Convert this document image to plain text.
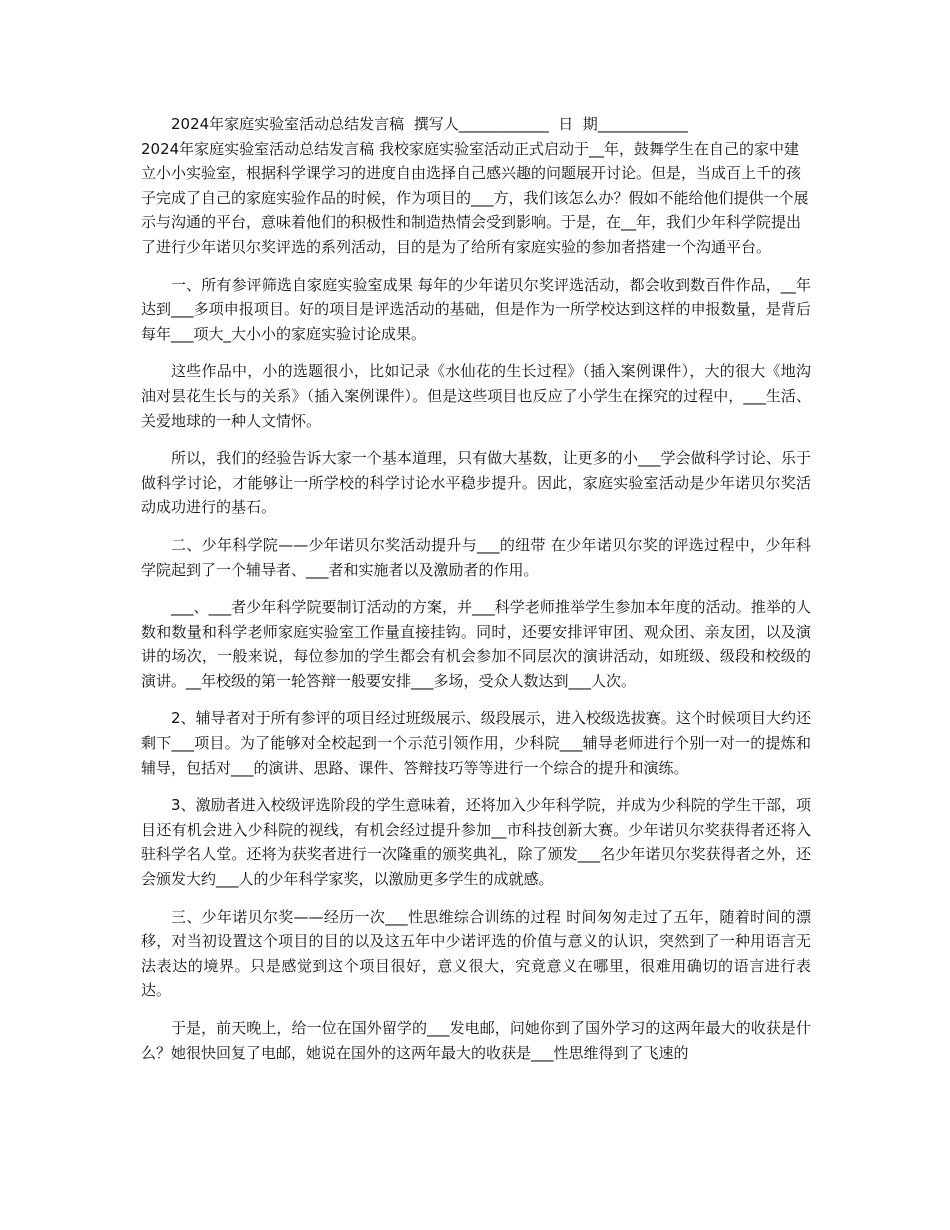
2024年家庭实验室活动总结发言稿  撰写人____________  日  期____________

2024年家庭实验室活动总结发言稿 我校家庭实验室活动正式启动于__年，鼓舞学生在自己的家中建立小小实验室，根据科学课学习的进度自由选择自己感兴趣的问题展开讨论。但是，当成百上千的孩子完成了自己的家庭实验作品的时候，作为项目的___方，我们该怎么办？假如不能给他们提供一个展示与沟通的平台，意味着他们的积极性和制造热情会受到影响。于是，在__年，我们少年科学院提出了进行少年诺贝尔奖评选的系列活动，目的是为了给所有家庭实验的参加者搭建一个沟通平台。

一、所有参评筛选自家庭实验室成果 每年的少年诺贝尔奖评选活动，都会收到数百件作品，__年达到___多项申报项目。好的项目是评选活动的基础，但是作为一所学校达到这样的申报数量，是背后每年___项大_大小小的家庭实验讨论成果。

这些作品中，小的选题很小，比如记录《水仙花的生长过程》（插入案例课件），大的很大《地沟油对昙花生长与的关系》（插入案例课件）。但是这些项目也反应了小学生在探究的过程中，___生活、关爱地球的一种人文情怀。

所以，我们的经验告诉大家一个基本道理，只有做大基数，让更多的小___学会做科学讨论、乐于做科学讨论，才能够让一所学校的科学讨论水平稳步提升。因此，家庭实验室活动是少年诺贝尔奖活动成功进行的基石。

二、少年科学院——少年诺贝尔奖活动提升与___的纽带 在少年诺贝尔奖的评选过程中，少年科学院起到了一个辅导者、___者和实施者以及激励者的作用。

___、___者少年科学院要制订活动的方案，并___科学老师推举学生参加本年度的活动。推举的人数和数量和科学老师家庭实验室工作量直接挂钩。同时，还要安排评审团、观众团、亲友团，以及演讲的场次，一般来说，每位参加的学生都会有机会参加不同层次的演讲活动，如班级、级段和校级的演讲。__年校级的第一轮答辩一般要安排___多场，受众人数达到___人次。

2、辅导者对于所有参评的项目经过班级展示、级段展示，进入校级选拔赛。这个时候项目大约还剩下___项目。为了能够对全校起到一个示范引领作用，少科院___辅导老师进行个别一对一的提炼和辅导，包括对___的演讲、思路、课件、答辩技巧等等进行一个综合的提升和演练。

3、激励者进入校级评选阶段的学生意味着，还将加入少年科学院，并成为少科院的学生干部，项目还有机会进入少科院的视线，有机会经过提升参加__市科技创新大赛。少年诺贝尔奖获得者还将入驻科学名人堂。还将为获奖者进行一次隆重的颁奖典礼，除了颁发___名少年诺贝尔奖获得者之外，还会颁发大约___人的少年科学家奖，以激励更多学生的成就感。

三、少年诺贝尔奖——经历一次___性思维综合训练的过程 时间匆匆走过了五年，随着时间的漂移，对当初设置这个项目的目的以及这五年中少诺评选的价值与意义的认识，突然到了一种用语言无法表达的境界。只是感觉到这个项目很好，意义很大，究竟意义在哪里，很难用确切的语言进行表达。

于是，前天晚上，给一位在国外留学的___发电邮，问她你到了国外学习的这两年最大的收获是什么？她很快回复了电邮，她说在国外的这两年最大的收获是___性思维得到了飞速的
